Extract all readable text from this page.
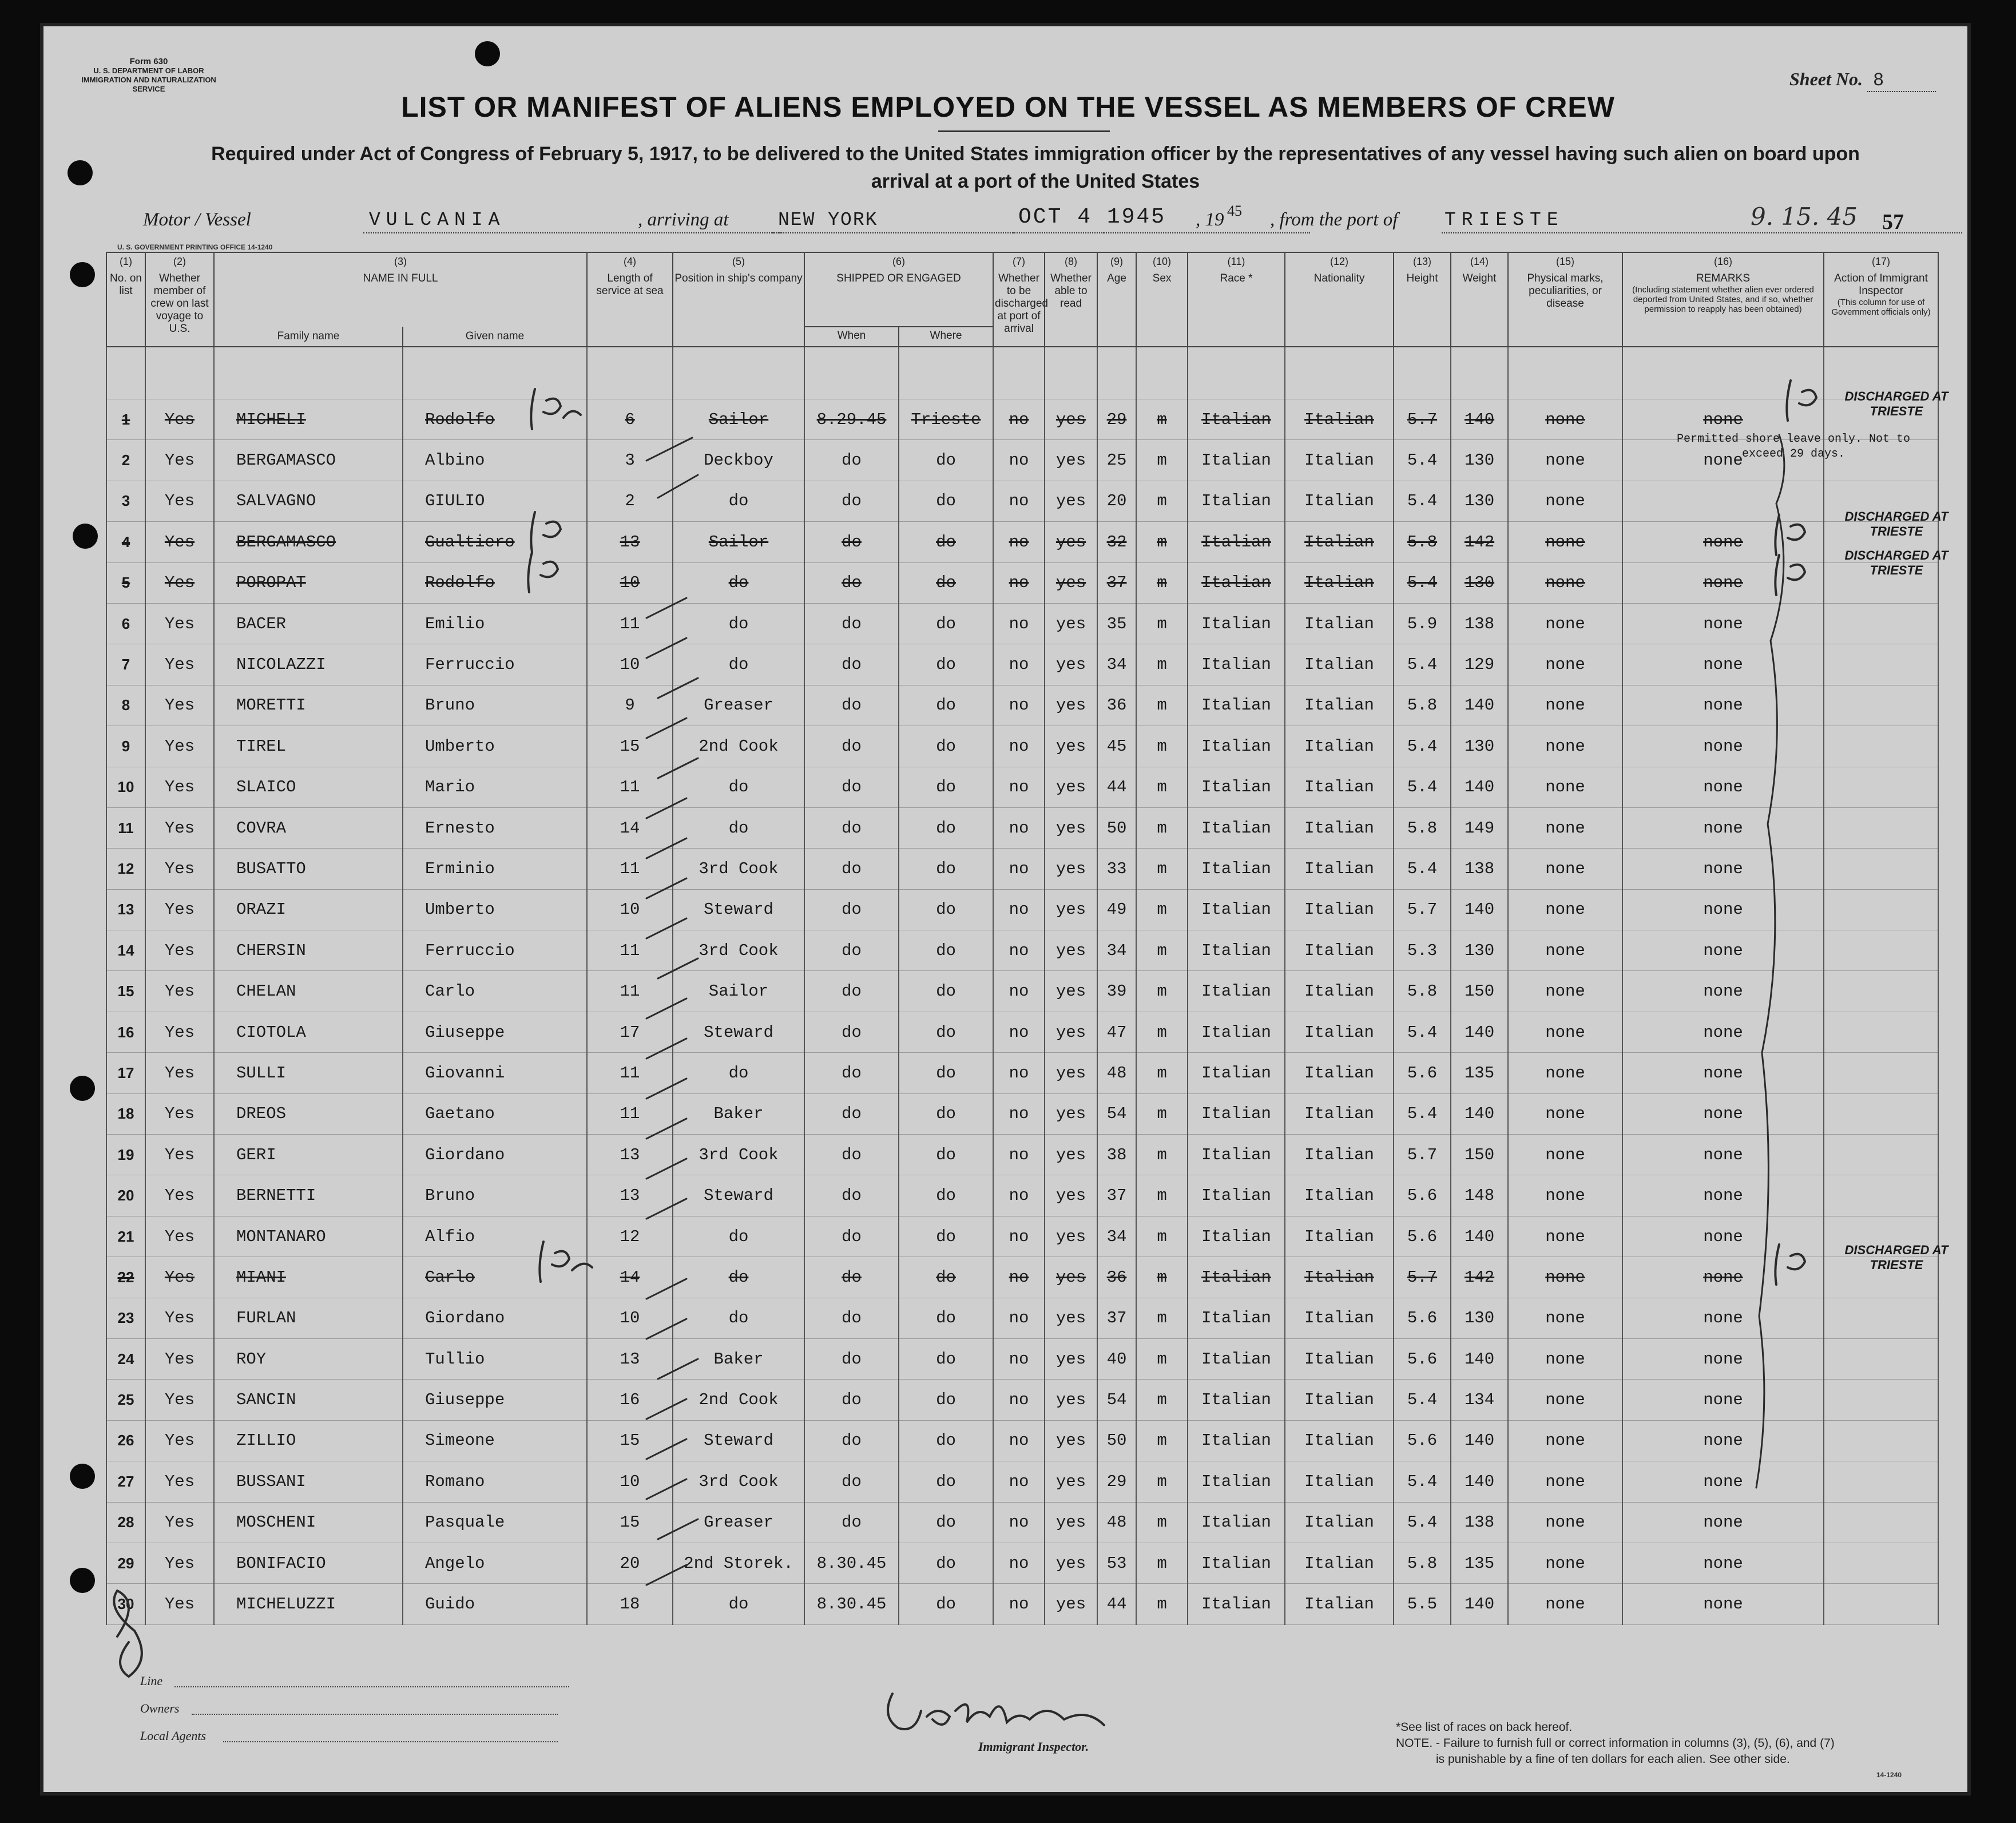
Form 630
U. S. DEPARTMENT OF LABOR
IMMIGRATION AND NATURALIZATION SERVICE	Sheet No. 8
LIST OR MANIFEST OF ALIENS EMPLOYED ON THE VESSEL AS MEMBERS OF CREW
Required under Act of Congress of February 5, 1917, to be delivered to the United States immigration officer by the representatives of any vessel having such alien on board upon
arrival at a port of the United States
Motor / Vessel	VULCANIA	, arriving at	NEW YORK	OCT 4 1945 , 19 45 , from the port of TRIESTE	9. 15. 45 57
U. S. GOVERNMENT PRINTING OFFICE 14-1240
(1)
No. on list	(2)
Whether member of crew on last voyage to U.S.	(3)
NAME IN FULL		(4)
Length of service at sea	(5)
Position in ship's company	(6)
SHIPPED OR ENGAGED		(7)
Whether to be discharged at port of arrival	(8)
Whether able to read	(9)
Age	(10)
Sex	(11)
Race *	(12)
Nationality	(13)
Height	(14)
Weight	(15)
Physical marks, peculiarities, or disease	(16)
REMARKS

(Including statement whether alien ever ordered deported from United States, and if so, whether permission to reapply has been obtained)	(17)
Action of Immigrant Inspector

(This column for use of Government officials only)

		Family name Given name				When	Where											

1	Yes	MICHELI	Rodolfo	6	Sailor	8.29.45	Trieste	no	yes	29	m	Italian	Italian	5.7	140	none	none	
2	Yes	BERGAMASCO	Albino	3	Deckboy	do	do	no	yes	25	m	Italian	Italian	5.4	130	none	none	
3	Yes	SALVAGNO	GIULIO	2	do	do	do	no	yes	20	m	Italian	Italian	5.4	130	none		
4	Yes	BERGAMASCO	Gualtiero	13	Sailor	do	do	no	yes	32	m	Italian	Italian	5.8	142	none	none	
5	Yes	POROPAT	Rodolfo	10	do	do	do	no	yes	37	m	Italian	Italian	5.4	130	none	none	
6	Yes	BACER	Emilio	11	do	do	do	no	yes	35	m	Italian	Italian	5.9	138	none	none	
7	Yes	NICOLAZZI	Ferruccio	10	do	do	do	no	yes	34	m	Italian	Italian	5.4	129	none	none	
8	Yes	MORETTI	Bruno	9	Greaser	do	do	no	yes	36	m	Italian	Italian	5.8	140	none	none	
9	Yes	TIREL	Umberto	15	2nd Cook	do	do	no	yes	45	m	Italian	Italian	5.4	130	none	none	
10	Yes	SLAICO	Mario	11	do	do	do	no	yes	44	m	Italian	Italian	5.4	140	none	none	
11	Yes	COVRA	Ernesto	14	do	do	do	no	yes	50	m	Italian	Italian	5.8	149	none	none	
12	Yes	BUSATTO	Erminio	11	3rd Cook	do	do	no	yes	33	m	Italian	Italian	5.4	138	none	none	
13	Yes	ORAZI	Umberto	10	Steward	do	do	no	yes	49	m	Italian	Italian	5.7	140	none	none	
14	Yes	CHERSIN	Ferruccio	11	3rd Cook	do	do	no	yes	34	m	Italian	Italian	5.3	130	none	none	
15	Yes	CHELAN	Carlo	11	Sailor	do	do	no	yes	39	m	Italian	Italian	5.8	150	none	none	
16	Yes	CIOTOLA	Giuseppe	17	Steward	do	do	no	yes	47	m	Italian	Italian	5.4	140	none	none	
17	Yes	SULLI	Giovanni	11	do	do	do	no	yes	48	m	Italian	Italian	5.6	135	none	none	
18	Yes	DREOS	Gaetano	11	Baker	do	do	no	yes	54	m	Italian	Italian	5.4	140	none	none	
19	Yes	GERI	Giordano	13	3rd Cook	do	do	no	yes	38	m	Italian	Italian	5.7	150	none	none	
20	Yes	BERNETTI	Bruno	13	Steward	do	do	no	yes	37	m	Italian	Italian	5.6	148	none	none	
21	Yes	MONTANARO	Alfio	12	do	do	do	no	yes	34	m	Italian	Italian	5.6	140	none	none	
22	Yes	MIANI	Carlo	14	do	do	do	no	yes	36	m	Italian	Italian	5.7	142	none	none	
23	Yes	FURLAN	Giordano	10	do	do	do	no	yes	37	m	Italian	Italian	5.6	130	none	none	
24	Yes	ROY	Tullio	13	Baker	do	do	no	yes	40	m	Italian	Italian	5.6	140	none	none	
25	Yes	SANCIN	Giuseppe	16	2nd Cook	do	do	no	yes	54	m	Italian	Italian	5.4	134	none	none	
26	Yes	ZILLIO	Simeone	15	Steward	do	do	no	yes	50	m	Italian	Italian	5.6	140	none	none	
27	Yes	BUSSANI	Romano	10	3rd Cook	do	do	no	yes	29	m	Italian	Italian	5.4	140	none	none	
28	Yes	MOSCHENI	Pasquale	15	Greaser	do	do	no	yes	48	m	Italian	Italian	5.4	138	none	none	
29	Yes	BONIFACIO	Angelo	20	2nd Storek.	8.30.45	do	no	yes	53	m	Italian	Italian	5.8	135	none	none	
30	Yes	MICHELUZZI	Guido	18	do	8.30.45	do	no	yes	44	m	Italian	Italian	5.5	140	none	none	
DISCHARGED AT TRIESTE
Permitted shore leave only. Not to exceed 29 days.
DISCHARGED AT TRIESTE
DISCHARGED AT TRIESTE
DISCHARGED AT TRIESTE
Line
Owners
Local Agents
Immigrant Inspector.
*See list of races on back hereof.
NOTE. - Failure to furnish full or correct information in columns (3), (5), (6), and (7)
is punishable by a fine of ten dollars for each alien. See other side.
14-1240
